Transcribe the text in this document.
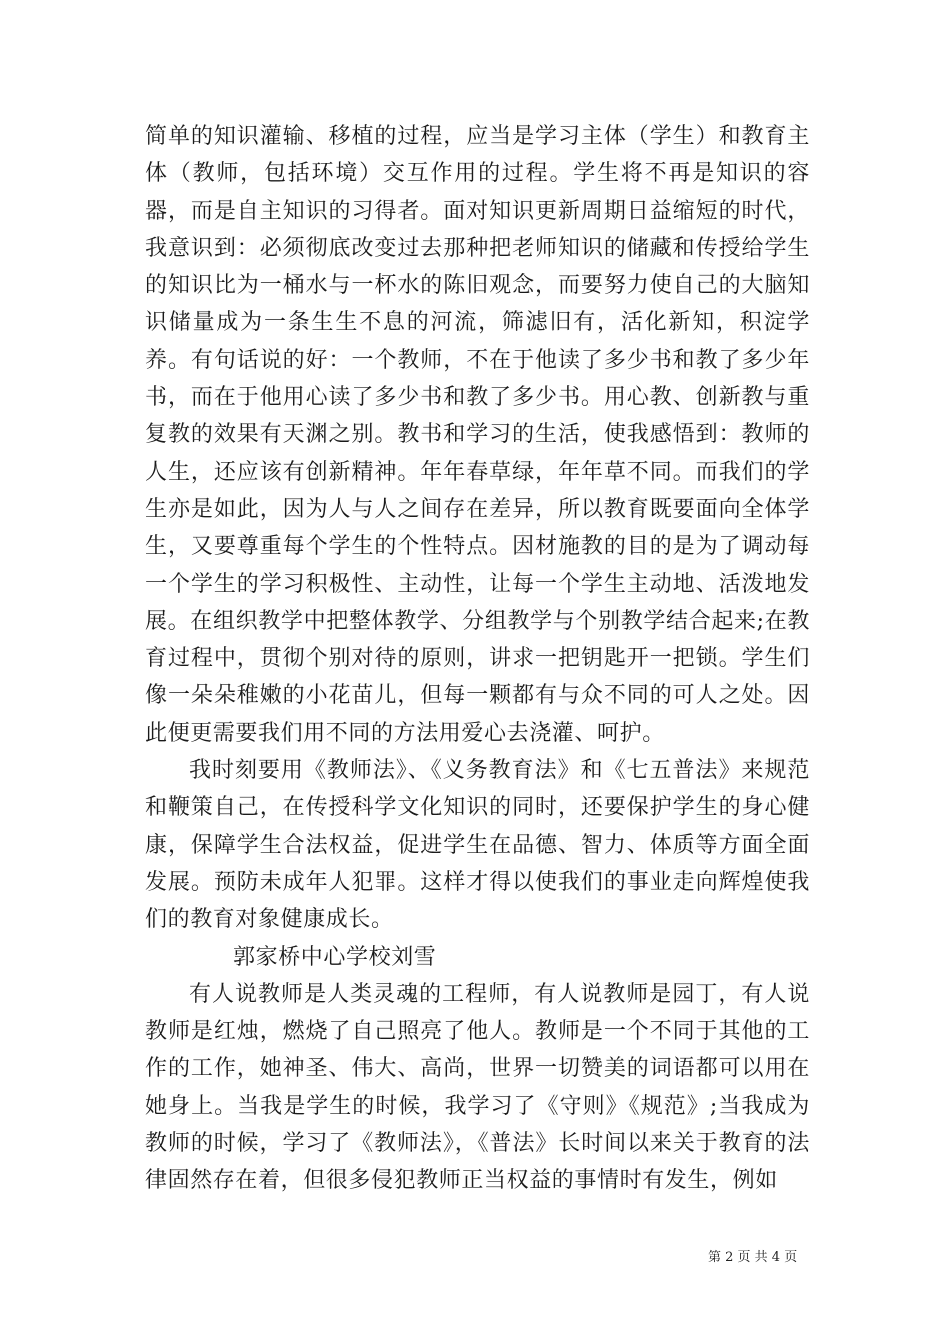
简单的知识灌输、移植的过程，应当是学习主体（学生）和教育主体（教师，包括环境）交互作用的过程。学生将不再是知识的容器，而是自主知识的习得者。面对知识更新周期日益缩短的时代，我意识到：必须彻底改变过去那种把老师知识的储藏和传授给学生的知识比为一桶水与一杯水的陈旧观念，而要努力使自己的大脑知识储量成为一条生生不息的河流，筛滤旧有，活化新知，积淀学养。有句话说的好：一个教师，不在于他读了多少书和教了多少年书，而在于他用心读了多少书和教了多少书。用心教、创新教与重复教的效果有天渊之别。教书和学习的生活，使我感悟到：教师的人生，还应该有创新精神。年年春草绿，年年草不同。而我们的学生亦是如此，因为人与人之间存在差异，所以教育既要面向全体学生，又要尊重每个学生的个性特点。因材施教的目的是为了调动每一个学生的学习积极性、主动性，让每一个学生主动地、活泼地发展。在组织教学中把整体教学、分组教学与个别教学结合起来;在教育过程中，贯彻个别对待的原则，讲求一把钥匙开一把锁。学生们像一朵朵稚嫩的小花苗儿，但每一颗都有与众不同的可人之处。因此便更需要我们用不同的方法用爱心去浇灌、呵护。

我时刻要用《教师法》、《义务教育法》和《七五普法》来规范和鞭策自己，在传授科学文化知识的同时，还要保护学生的身心健康，保障学生合法权益，促进学生在品德、智力、体质等方面全面发展。预防未成年人犯罪。这样才得以使我们的事业走向辉煌使我们的教育对象健康成长。

郭家桥中心学校刘雪

有人说教师是人类灵魂的工程师，有人说教师是园丁，有人说教师是红烛，燃烧了自己照亮了他人。教师是一个不同于其他的工作的工作，她神圣、伟大、高尚，世界一切赞美的词语都可以用在她身上。当我是学生的时候，我学习了《守则》《规范》;当我成为教师的时候，学习了《教师法》，《普法》长时间以来关于教育的法律固然存在着，但很多侵犯教师正当权益的事情时有发生，例如

第 2 页 共 4 页
